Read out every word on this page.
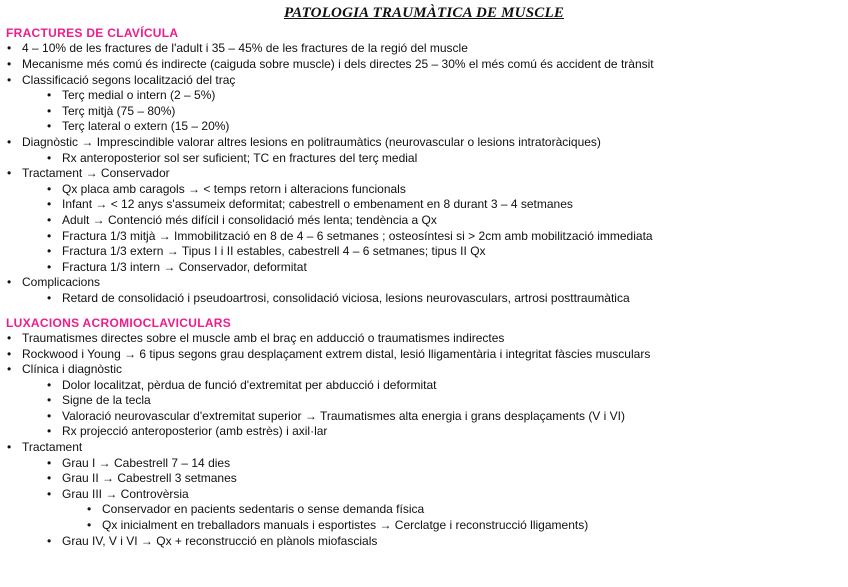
PATOLOGIA TRAUMÀTICA DE MUSCLE
FRACTURES DE CLAVÍCULA
• 4 – 10% de les fractures de l'adult i 35 – 45% de les fractures de la regió del muscle
• Mecanisme més comú és indirecte (caiguda sobre muscle) i dels directes 25 – 30% el més comú és accident de trànsit
• Classificació segons localització del traç
• Terç medial o intern (2 – 5%)
• Terç mitjà (75 – 80%)
• Terç lateral o extern (15 – 20%)
• Diagnòstic → Imprescindible valorar altres lesions en politraumàtics (neurovascular o lesions intratoràciques)
• Rx anteroposterior sol ser suficient; TC en fractures del terç medial
• Tractament → Conservador
• Qx placa amb caragols → < temps retorn i alteracions funcionals
• Infant → < 12 anys s'assumeix deformitat; cabestrell o embenament en 8 durant 3 – 4 setmanes
• Adult → Contenció més difícil i consolidació més lenta; tendència a Qx
• Fractura 1/3 mitjà → Immobilització en 8 de 4 – 6 setmanes ; osteosíntesi si > 2cm amb mobilització immediata
• Fractura 1/3 extern → Tipus I i II estables, cabestrell 4 – 6 setmanes; tipus II Qx
• Fractura 1/3 intern → Conservador, deformitat
• Complicacions
• Retard de consolidació i pseudoartrosi, consolidació viciosa, lesions neurovasculars, artrosi posttraumàtica
LUXACIONS ACROMIOCLAVICULARS
• Traumatismes directes sobre el muscle amb el braç en adducció o traumatismes indirectes
• Rockwood i Young → 6 tipus segons grau desplaçament extrem distal, lesió lligamentària i integritat fàscies musculars
• Clínica i diagnòstic
• Dolor localitzat, pèrdua de funció d'extremitat per abducció i deformitat
• Signe de la tecla
• Valoració neurovascular d'extremitat superior → Traumatismes alta energia i grans desplaçaments (V i VI)
• Rx projecció anteroposterior (amb estrès) i axil·lar
• Tractament
• Grau I → Cabestrell 7 – 14 dies
• Grau II → Cabestrell 3 setmanes
• Grau III → Controvèrsia
• Conservador en pacients sedentaris o sense demanda física
• Qx inicialment en treballadors manuals i esportistes → Cerclatge i reconstrucció lligaments)
• Grau IV, V i VI → Qx + reconstrucció en plànols miofascials
